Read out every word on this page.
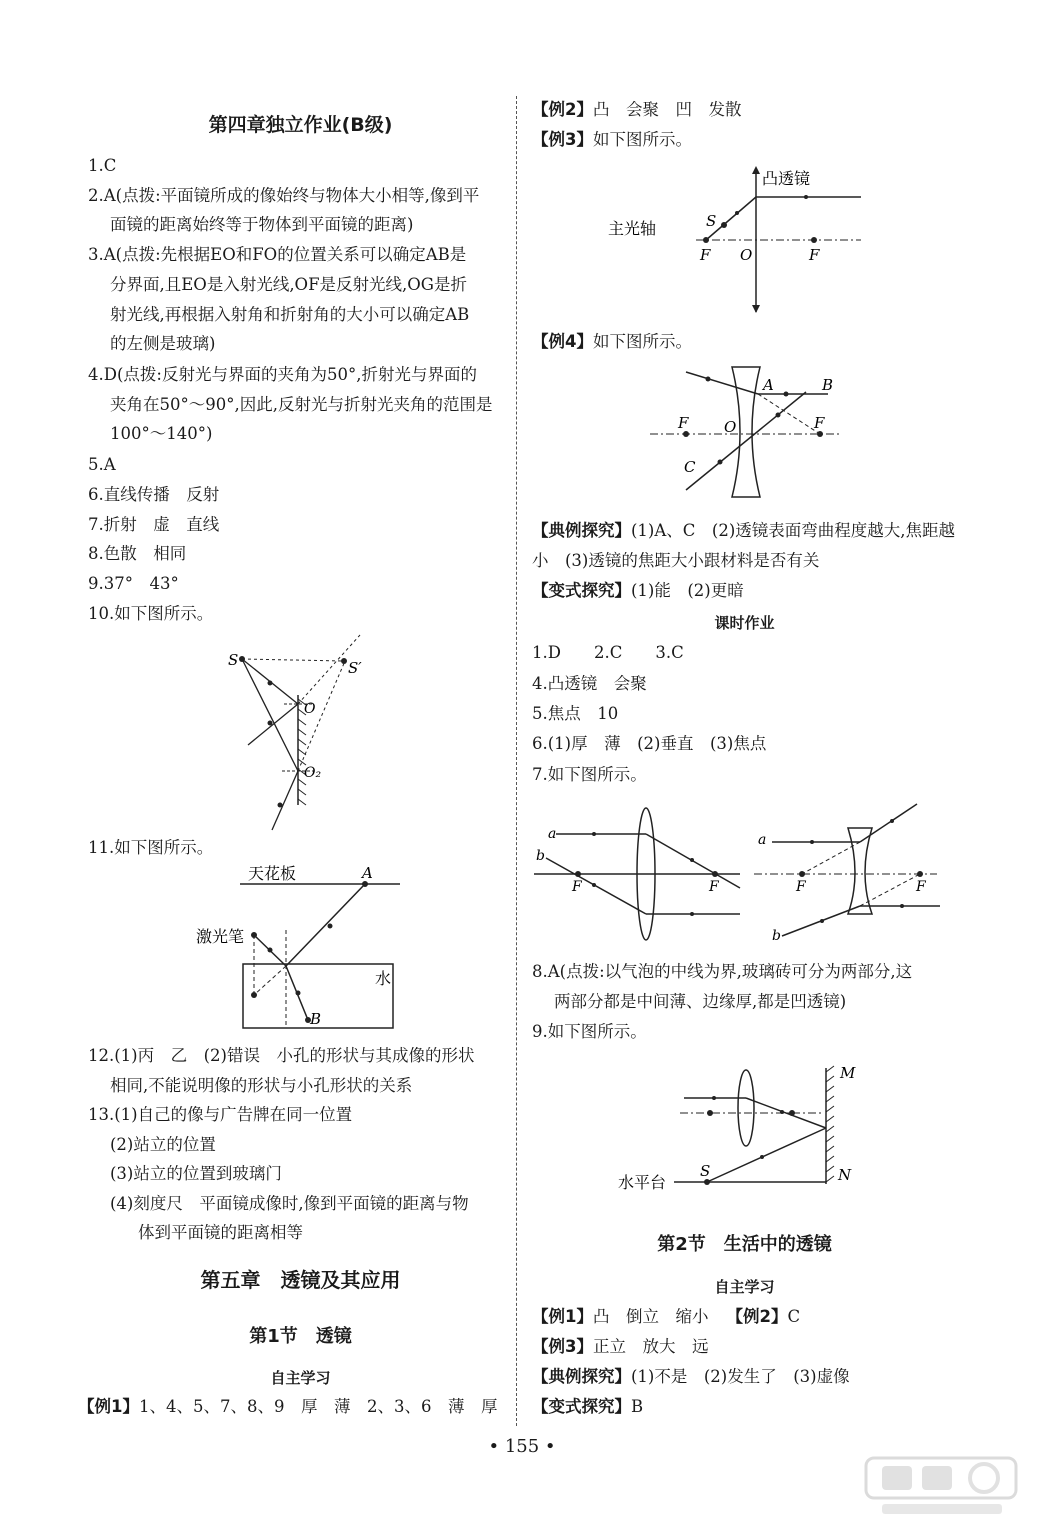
第四章独立作业(B级)
1.C
2.A(点拨:平面镜所成的像始终与物体大小相等,像到平
面镜的距离始终等于物体到平面镜的距离)
3.A(点拨:先根据EO和FO的位置关系可以确定AB是
分界面,且EO是入射光线,OF是反射光线,OG是折
射光线,再根据入射角和折射角的大小可以确定AB
的左侧是玻璃)
4.D(点拨:反射光与界面的夹角为50°,折射光与界面的
夹角在50°～90°,因此,反射光与折射光夹角的范围是
100°～140°)
5.A
6.直线传播　反射
7.折射　虚　直线
8.色散　相同
9.37°　43°
10.如下图所示。
11.如下图所示。
12.(1)丙　乙　(2)错误　小孔的形状与其成像的形状
相同,不能说明像的形状与小孔形状的关系
13.(1)自己的像与广告牌在同一位置
(2)站立的位置
(3)站立的位置到玻璃门
(4)刻度尺　平面镜成像时,像到平面镜的距离与物
体到平面镜的距离相等
第五章　透镜及其应用
第1节　透镜
自主学习
【例1】1、4、5、7、8、9　厚　薄　2、3、6　薄　厚
S	S′
O
O₂
天花板	A
激光笔
水
B
【例2】凸　会聚　凹　发散
【例3】如下图所示。
【例4】如下图所示。
【典例探究】(1)A、C　(2)透镜表面弯曲程度越大,焦距越
小　(3)透镜的焦距大小跟材料是否有关
【变式探究】(1)能　(2)更暗
课时作业
1.D　　2.C　　3.C
4.凸透镜　会聚
5.焦点　10
6.(1)厚　薄　(2)垂直　(3)焦点
7.如下图所示。
8.A(点拨:以气泡的中线为界,玻璃砖可分为两部分,这
两部分都是中间薄、边缘厚,都是凹透镜)
9.如下图所示。
第2节　生活中的透镜
自主学习
【例1】凸　倒立　缩小 【例2】C
【例3】正立　放大　远
【典例探究】(1)不是　(2)发生了　(3)虚像
【变式探究】B
凸透镜
主光轴	S
F O	F
A	B
F O	F
C
a
b
F	F
a
F	F
b
M
S	N
水平台
• 155 •
